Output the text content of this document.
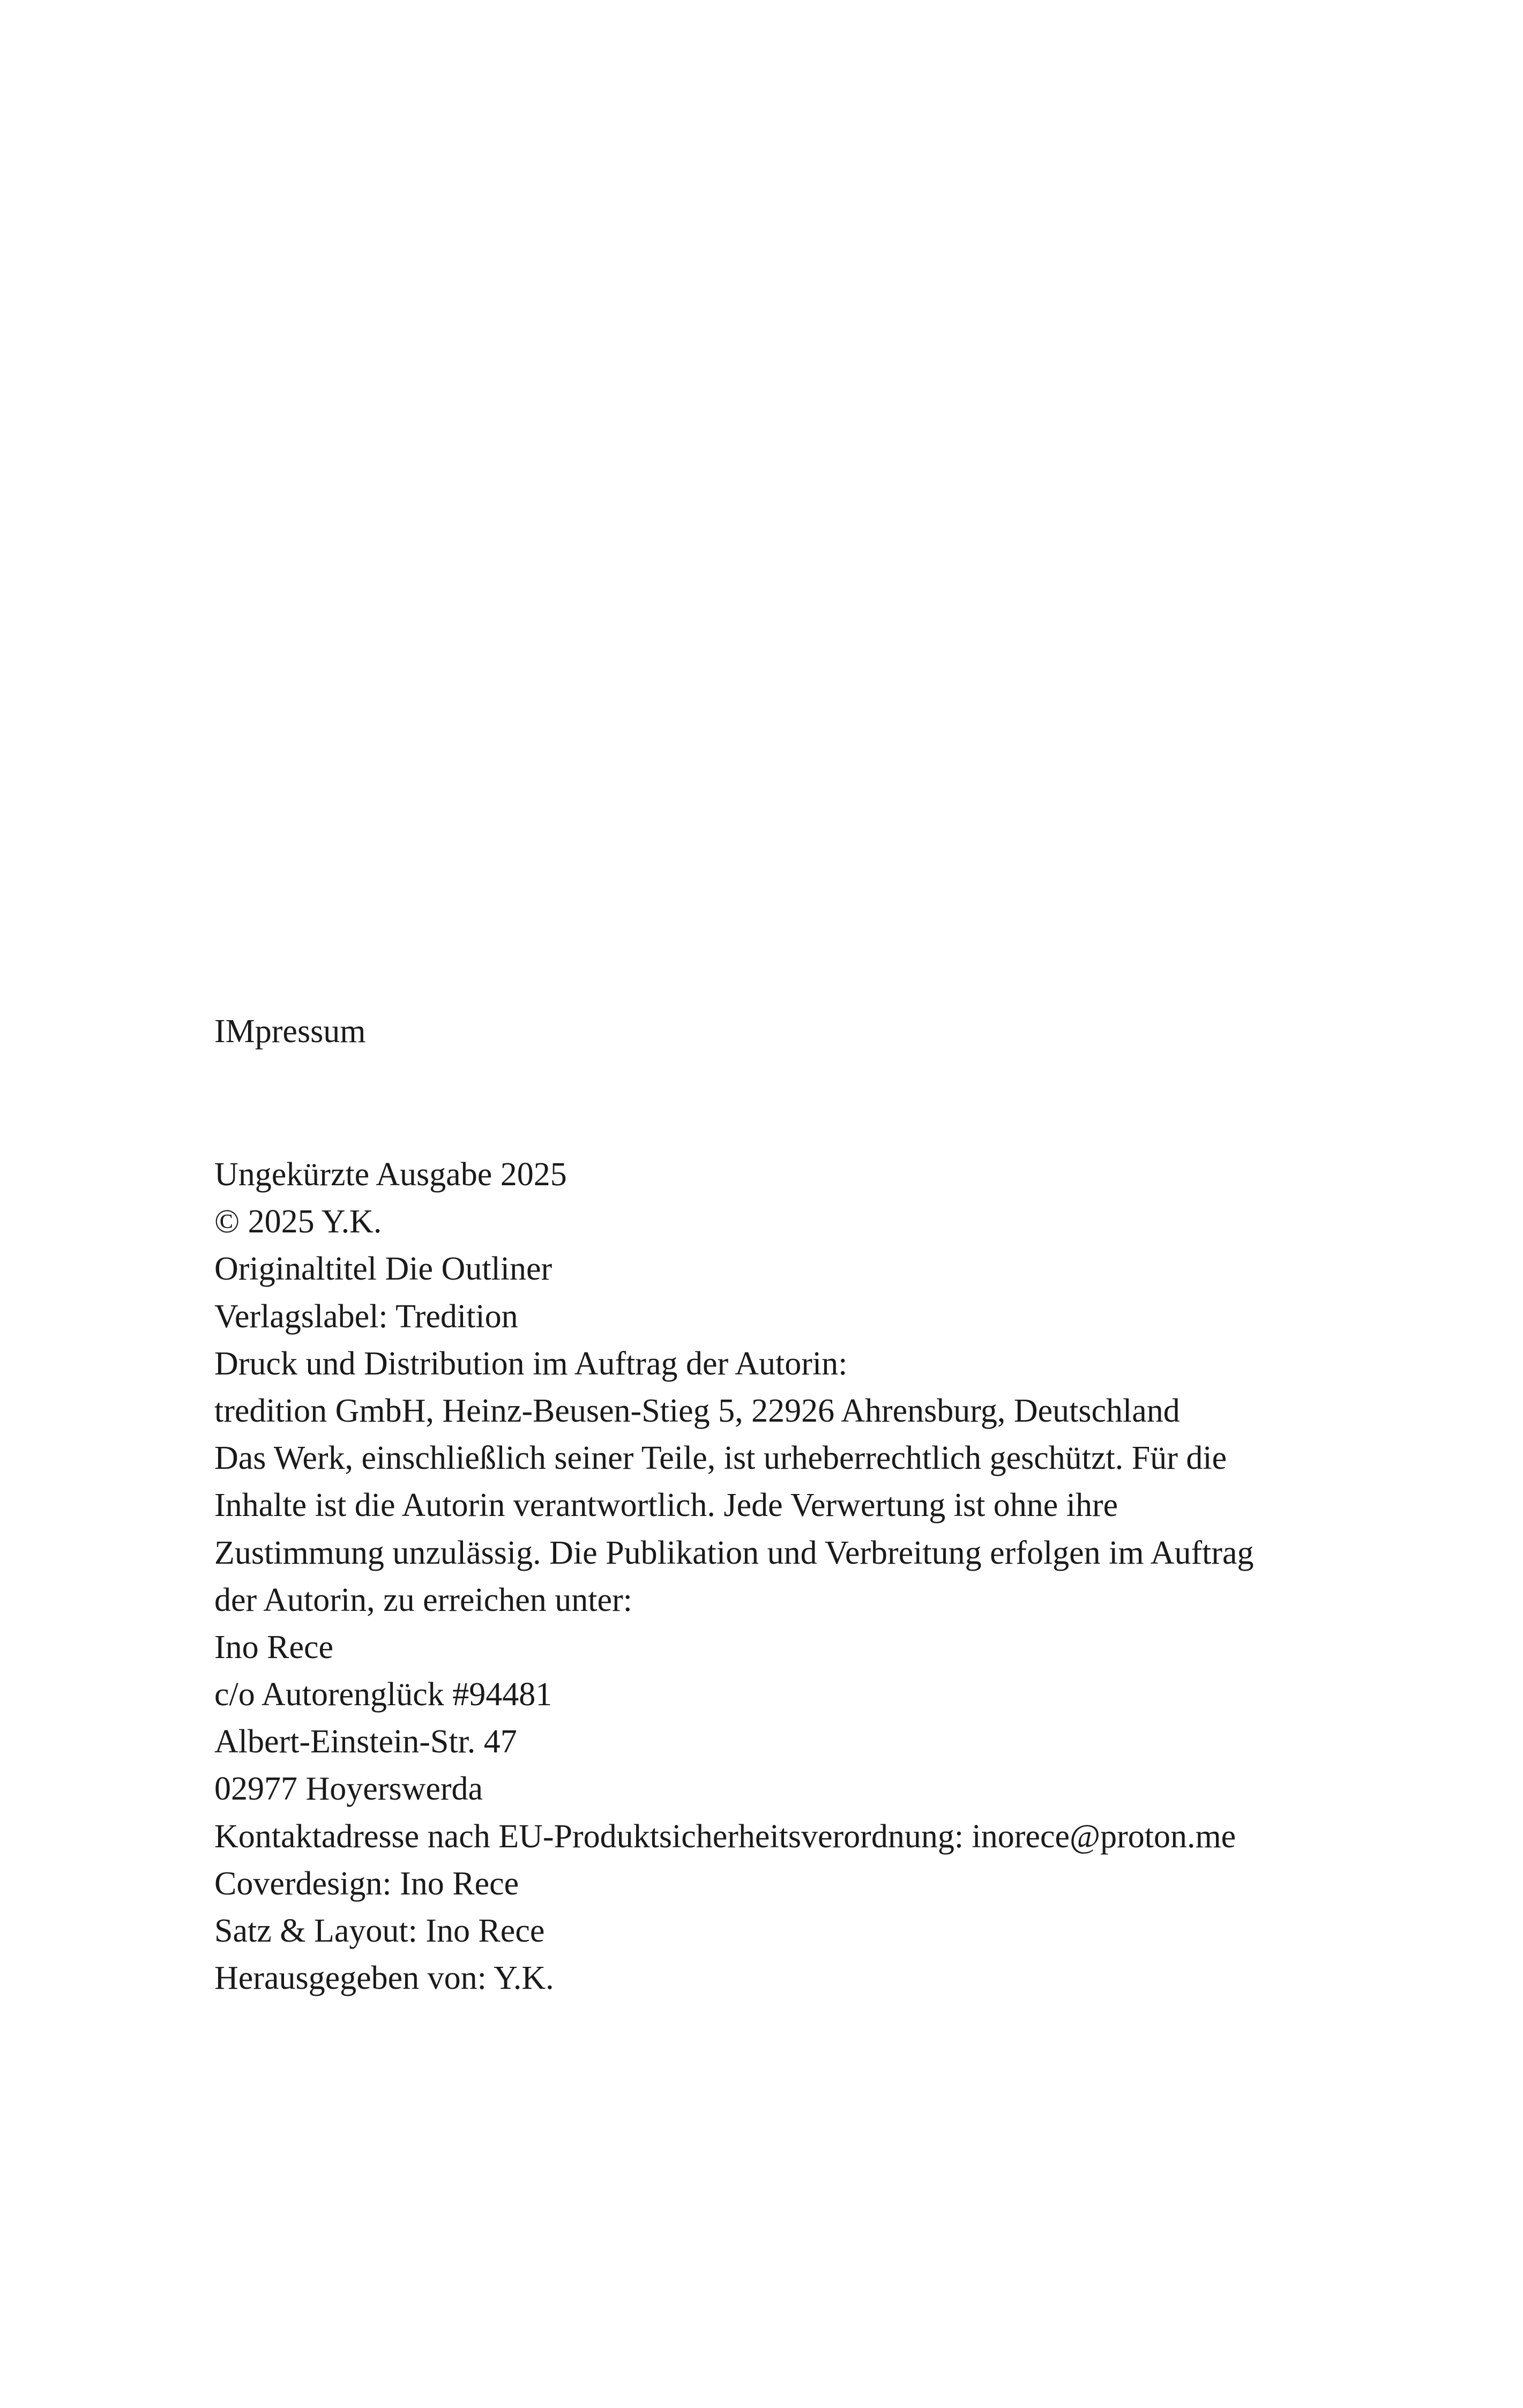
IMpressum
Ungekürzte Ausgabe 2025
© 2025 Y.K.
Originaltitel Die Outliner
Verlagslabel: Tredition
Druck und Distribution im Auftrag der Autorin:
tredition GmbH, Heinz-Beusen-Stieg 5, 22926 Ahrensburg, Deutschland
Das Werk, einschließlich seiner Teile, ist urheberrechtlich geschützt. Für die
Inhalte ist die Autorin verantwortlich. Jede Verwertung ist ohne ihre
Zustimmung unzulässig. Die Publikation und Verbreitung erfolgen im Auftrag
der Autorin, zu erreichen unter:
Ino Rece
c/o Autorenglück #94481
Albert-Einstein-Str. 47
02977 Hoyerswerda
Kontaktadresse nach EU-Produktsicherheitsverordnung: inorece@proton.me
Coverdesign: Ino Rece
Satz & Layout: Ino Rece
Herausgegeben von: Y.K.
